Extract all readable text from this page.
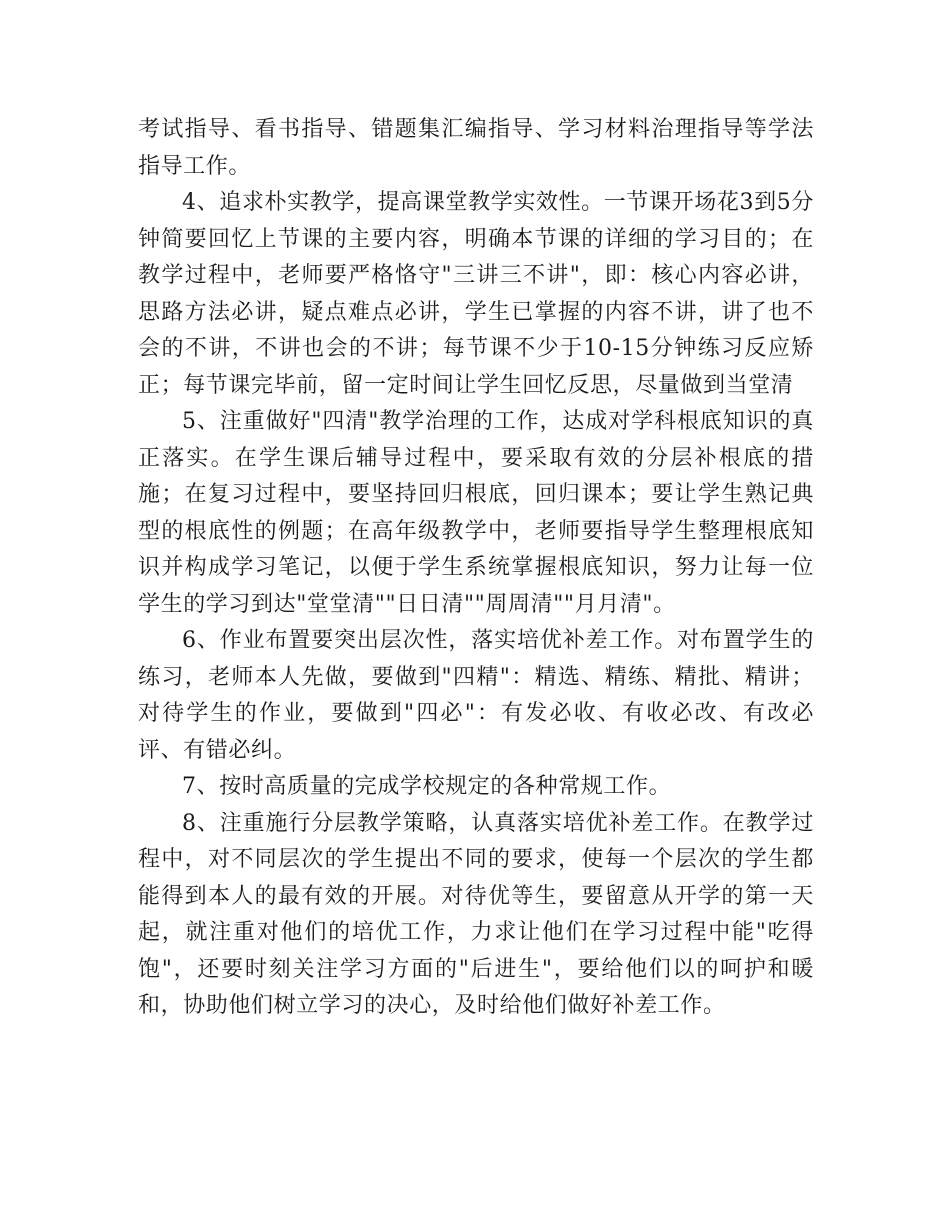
考试指导、看书指导、错题集汇编指导、学习材料治理指导等学法指导工作。

4、追求朴实教学，提高课堂教学实效性。一节课开场花3到5分钟简要回忆上节课的主要内容，明确本节课的详细的学习目的；在教学过程中，老师要严格恪守"三讲三不讲"，即：核心内容必讲，思路方法必讲，疑点难点必讲，学生已掌握的内容不讲，讲了也不会的不讲，不讲也会的不讲；每节课不少于10-15分钟练习反应矫正；每节课完毕前，留一定时间让学生回忆反思，尽量做到当堂清

5、注重做好"四清"教学治理的工作，达成对学科根底知识的真正落实。在学生课后辅导过程中，要采取有效的分层补根底的措施；在复习过程中，要坚持回归根底，回归课本；要让学生熟记典型的根底性的例题；在高年级教学中，老师要指导学生整理根底知识并构成学习笔记，以便于学生系统掌握根底知识，努力让每一位学生的学习到达"堂堂清""日日清""周周清""月月清"。

6、作业布置要突出层次性，落实培优补差工作。对布置学生的练习，老师本人先做，要做到"四精"：精选、精练、精批、精讲；对待学生的作业，要做到"四必"：有发必收、有收必改、有改必评、有错必纠。

7、按时高质量的完成学校规定的各种常规工作。

8、注重施行分层教学策略，认真落实培优补差工作。在教学过程中，对不同层次的学生提出不同的要求，使每一个层次的学生都能得到本人的最有效的开展。对待优等生，要留意从开学的第一天起，就注重对他们的培优工作，力求让他们在学习过程中能"吃得饱"，还要时刻关注学习方面的"后进生"，要给他们以的呵护和暖和，协助他们树立学习的决心，及时给他们做好补差工作。
